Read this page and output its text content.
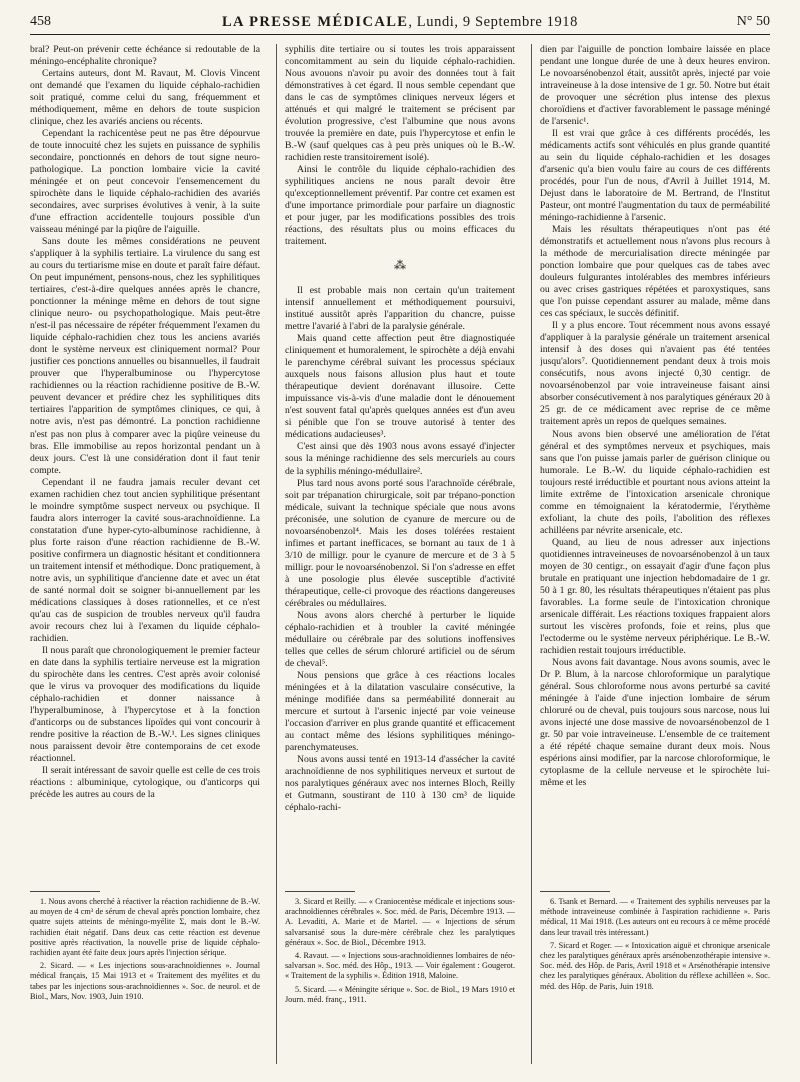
458	LA PRESSE MÉDICALE, Lundi, 9 Septembre 1918	N° 50

bral? Peut-on prévenir cette échéance si redoutable de la méningo-encéphalite chronique?

Certains auteurs, dont M. Ravaut, M. Clovis Vincent ont demandé que l'examen du liquide céphalo-rachidien soit pratiqué, comme celui du sang, fréquemment et méthodiquement, même en dehors de toute suspicion clinique, chez les avariés anciens ou récents.

Cependant la rachicentèse peut ne pas être dépourvue de toute innocuité chez les sujets en puissance de syphilis secondaire, ponctionnés en dehors de tout signe neuro-pathologique. La ponction lombaire vicie la cavité méningée et on peut concevoir l'ensemencement du spirochète dans le liquide céphalo-rachidien des avariés secondaires, avec surprises évolutives à venir, à la suite d'une effraction accidentelle toujours possible d'un vaisseau méningé par la piqûre de l'aiguille.

Sans doute les mêmes considérations ne peuvent s'appliquer à la syphilis tertiaire. La virulence du sang est au cours du tertiarisme mise en doute et paraît faire défaut. On peut impunément, pensons-nous, chez les syphilitiques tertiaires, c'est-à-dire quelques années après le chancre, ponctionner la méninge même en dehors de tout signe clinique neuro- ou psychopathologique. Mais peut-être n'est-il pas nécessaire de répéter fréquemment l'examen du liquide céphalo-rachidien chez tous les anciens avariés dont le système nerveux est cliniquement normal? Pour justifier ces ponctions annuelles ou bisannuelles, il faudrait prouver que l'hyperalbuminose ou l'hypercytose rachidiennes ou la réaction rachidienne positive de B.-W. peuvent devancer et prédire chez les syphilitiques dits tertiaires l'apparition de symptômes cliniques, ce qui, à notre avis, n'est pas démontré. La ponction rachidienne n'est pas non plus à comparer avec la piqûre veineuse du bras. Elle immobilise au repos horizontal pendant un à deux jours. C'est là une considération dont il faut tenir compte.

Cependant il ne faudra jamais reculer devant cet examen rachidien chez tout ancien syphilitique présentant le moindre symptôme suspect nerveux ou psychique. Il faudra alors interroger la cavité sous-arachnoïdienne. La constatation d'une hyper-cyto-albuminose rachidienne, à plus forte raison d'une réaction rachidienne de B.-W. positive confirmera un diagnostic hésitant et conditionnera un traitement intensif et méthodique. Donc pratiquement, à notre avis, un syphilitique d'ancienne date et avec un état de santé normal doit se soigner bi-annuellement par les médications classiques à doses rationnelles, et ce n'est qu'au cas de suspicion de troubles nerveux qu'il faudra avoir recours chez lui à l'examen du liquide céphalo-rachidien.

Il nous paraît que chronologiquement le premier facteur en date dans la syphilis tertiaire nerveuse est la migration du spirochète dans les centres. C'est après avoir colonisé que le virus va provoquer des modifications du liquide céphalo-rachidien et donner naissance à l'hyperalbuminose, à l'hypercytose et à la fonction d'anticorps ou de substances lipoïdes qui vont concourir à rendre positive la réaction de B.-W.¹. Les signes cliniques nous paraissent devoir être contemporains de cet exode réactionnel.

Il serait intéressant de savoir quelle est celle de ces trois réactions : albuminique, cytologique, ou d'anticorps qui précède les autres au cours de la

syphilis dite tertiaire ou si toutes les trois apparaissent concomitamment au sein du liquide céphalo-rachidien. Nous avouons n'avoir pu avoir des données tout à fait démonstratives à cet égard. Il nous semble cependant que dans le cas de symptômes cliniques nerveux légers et atténués et qui malgré le traitement se précisent par évolution progressive, c'est l'albumine que nous avons trouvée la première en date, puis l'hypercytose et enfin le B.-W (sauf quelques cas à peu près uniques où le B.-W. rachidien reste transitoirement isolé).

Ainsi le contrôle du liquide céphalo-rachidien des syphilitiques anciens ne nous paraît devoir être qu'exceptionnellement préventif. Par contre cet examen est d'une importance primordiale pour parfaire un diagnostic et pour juger, par les modifications possibles des trois réactions, des résultats plus ou moins efficaces du traitement.

⁂

Il est probable mais non certain qu'un traitement intensif annuellement et méthodiquement poursuivi, institué aussitôt après l'apparition du chancre, puisse mettre l'avarié à l'abri de la paralysie générale.

Mais quand cette affection peut être diagnostiquée cliniquement et humoralement, le spirochète a déjà envahi le parenchyme cérébral suivant les processus spéciaux auxquels nous faisons allusion plus haut et toute thérapeutique devient dorénavant illusoire. Cette impuissance vis-à-vis d'une maladie dont le dénouement n'est souvent fatal qu'après quelques années est d'un aveu si pénible que l'on se trouve autorisé à tenter des médications audacieuses³.

C'est ainsi que dès 1903 nous avons essayé d'injecter sous la méninge rachidienne des sels mercuriels au cours de la syphilis méningo-médullaire².

Plus tard nous avons porté sous l'arachnoïde cérébrale, soit par trépanation chirurgicale, soit par trépano-ponction médicale, suivant la technique spéciale que nous avons préconisée, une solution de cyanure de mercure ou de novoarsénobenzol⁴. Mais les doses tolérées restaient infimes et partant inefficaces, se bornant au taux de 1 à 3/10 de milligr. pour le cyanure de mercure et de 3 à 5 milligr. pour le novoarsénobenzol. Si l'on s'adresse en effet à une posologie plus élevée susceptible d'activité thérapeutique, celle-ci provoque des réactions dangereuses cérébrales ou médullaires.

Nous avons alors cherché à perturber le liquide céphalo-rachidien et à troubler la cavité méningée médullaire ou cérébrale par des solutions inoffensives telles que celles de sérum chloruré artificiel ou de sérum de cheval⁵.

Nous pensions que grâce à ces réactions locales méningées et à la dilatation vasculaire consécutive, la méninge modifiée dans sa perméabilité donnerait au mercure et surtout à l'arsenic injecté par voie veineuse l'occasion d'arriver en plus grande quantité et efficacement au contact même des lésions syphilitiques méningo-parenchymateuses.

Nous avons aussi tenté en 1913-14 d'assécher la cavité arachnoïdienne de nos syphilitiques nerveux et surtout de nos paralytiques généraux avec nos internes Bloch, Reilly et Gutmann, soustirant de 110 à 130 cm³ de liquide céphalo-rachi-

dien par l'aiguille de ponction lombaire laissée en place pendant une longue durée de une à deux heures environ. Le novoarsénobenzol était, aussitôt après, injecté par voie intraveineuse à la dose intensive de 1 gr. 50. Notre but était de provoquer une sécrétion plus intense des plexus choroïdiens et d'activer favorablement le passage méningé de l'arsenic¹.

Il est vrai que grâce à ces différents procédés, les médicaments actifs sont véhiculés en plus grande quantité au sein du liquide céphalo-rachidien et les dosages d'arsenic qu'a bien voulu faire au cours de ces différents procédés, pour l'un de nous, d'Avril à Juillet 1914, M. Dejust dans le laboratoire de M. Bertrand, de l'Institut Pasteur, ont montré l'augmentation du taux de perméabilité méningo-rachidienne à l'arsenic.

Mais les résultats thérapeutiques n'ont pas été démonstratifs et actuellement nous n'avons plus recours à la méthode de mercurialisation directe méningée par ponction lombaire que pour quelques cas de tabes avec douleurs fulgurantes intolérables des membres inférieurs ou avec crises gastriques répétées et paroxystiques, sans que l'on puisse cependant assurer au malade, même dans ces cas spéciaux, le succès définitif.

Il y a plus encore. Tout récemment nous avons essayé d'appliquer à la paralysie générale un traitement arsenical intensif à des doses qui n'avaient pas été tentées jusqu'alors⁷. Quotidiennement pendant deux à trois mois consécutifs, nous avons injecté 0,30 centigr. de novoarsénobenzol par voie intraveineuse faisant ainsi absorber consécutivement à nos paralytiques généraux 20 à 25 gr. de ce médicament avec reprise de ce même traitement après un repos de quelques semaines.

Nous avons bien observé une amélioration de l'état général et des symptômes nerveux et psychiques, mais sans que l'on puisse jamais parler de guérison clinique ou humorale. Le B.-W. du liquide céphalo-rachidien est toujours resté irréductible et pourtant nous avions atteint la limite extrême de l'intoxication arsenicale chronique comme en témoignaient la kératodermie, l'érythème exfoliant, la chute des poils, l'abolition des réflexes achilléens par névrite arsenicale, etc.

Quand, au lieu de nous adresser aux injections quotidiennes intraveineuses de novoarsénobenzol à un taux moyen de 30 centigr., on essayait d'agir d'une façon plus brutale en pratiquant une injection hebdomadaire de 1 gr. 50 à 1 gr. 80, les résultats thérapeutiques n'étaient pas plus favorables. La forme seule de l'intoxication chronique arsenicale différait. Les réactions toxiques frappaient alors surtout les viscères profonds, foie et reins, plus que l'ectoderme ou le système nerveux périphérique. Le B.-W. rachidien restait toujours irréductible.

Nous avons fait davantage. Nous avons soumis, avec le Dr P. Blum, à la narcose chloroformique un paralytique général. Sous chloroforme nous avons perturbé sa cavité méningée à l'aide d'une injection lombaire de sérum chloruré ou de cheval, puis toujours sous narcose, nous lui avons injecté une dose massive de novoarsénobenzol de 1 gr. 50 par voie intraveineuse. L'ensemble de ce traitement a été répété chaque semaine durant deux mois. Nous espérions ainsi modifier, par la narcose chloroformique, le cytoplasme de la cellule nerveuse et le spirochète lui-même et les

1. Nous avons cherché à réactiver la réaction rachidienne de B.-W. au moyen de 4 cm³ de sérum de cheval après ponction lombaire, chez quatre sujets atteints de méningo-myélite Σ, mais dont le B.-W. rachidien était négatif. Dans deux cas cette réaction est devenue positive après réactivation, la nouvelle prise de liquide céphalo-rachidien ayant été faite deux jours après l'injection sérique.

2. Sicard. — « Les injections sous-arachnoïdiennes ». Journal médical français, 15 Mai 1913 et « Traitement des myélites et du tabes par les injections sous-arachnoïdiennes ». Soc. de neurol. et de Biol., Mars, Nov. 1903, Juin 1910.

3. Sicard et Reilly. — « Craniocentèse médicale et injections sous-arachnoïdiennes cérébrales ». Soc. méd. de Paris, Décembre 1913. — A. Levaditi, A. Marie et de Martel. — « Injections de sérum salvarsanisé sous la dure-mère cérébrale chez les paralytiques généraux ». Soc. de Biol., Décembre 1913.

4. Ravaut. — « Injections sous-arachnoïdiennes lombaires de néo-salvarsan ». Soc. méd. des Hôp., 1913. — Voir également : Gougerot. « Traitement de la syphilis ». Édition 1918, Maloine.

5. Sicard. — « Méningite sérique ». Soc. de Biol., 19 Mars 1910 et Journ. méd. franç., 1911.

6. Tsank et Bernard. — « Traitement des syphilis nerveuses par la méthode intraveineuse combinée à l'aspiration rachidienne ». Paris médical, 11 Mai 1918. (Les auteurs ont eu recours à ce même procédé dans leur travail très intéressant.)

7. Sicard et Roger. — « Intoxication aiguë et chronique arsenicale chez les paralytiques généraux après arsénobenzothérapie intensive ». Soc. méd. des Hôp. de Paris, Avril 1918 et « Arsénothérapie intensive chez les paralytiques généraux. Abolition du réflexe achilléen ». Soc. méd. des Hôp. de Paris, Juin 1918.
